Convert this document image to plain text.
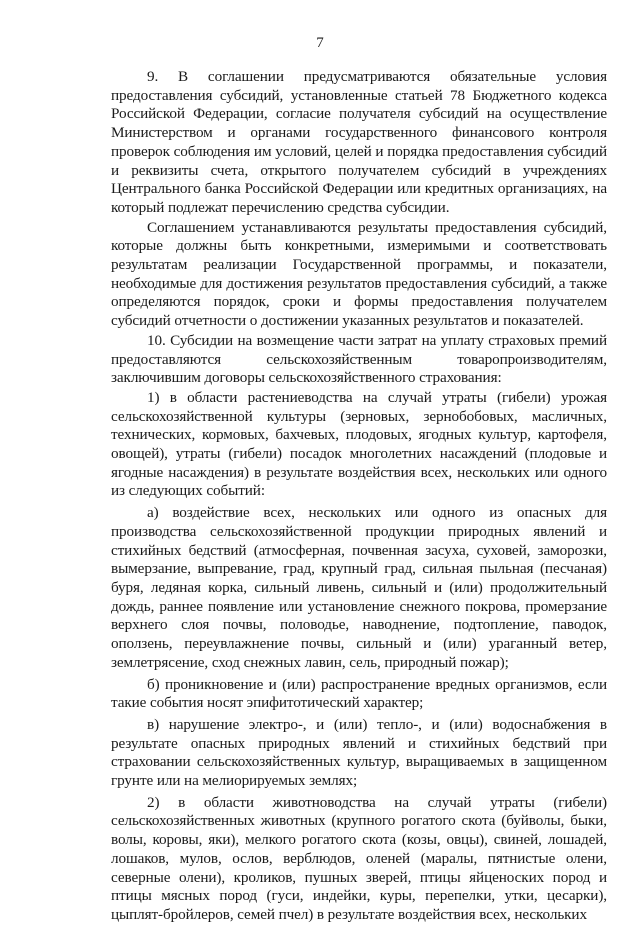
7

9. В соглашении предусматриваются обязательные условия предоставления субсидий, установленные статьей 78 Бюджетного кодекса Российской Федерации, согласие получателя субсидий на осуществление Министерством и органами государственного финансового контроля проверок соблюдения им условий, целей и порядка предоставления субсидий и реквизиты счета, открытого получателем субсидий в учреждениях Центрального банка Российской Федерации или кредитных организациях, на который подлежат перечислению средства субсидии.

Соглашением устанавливаются результаты предоставления субсидий, которые должны быть конкретными, измеримыми и соответствовать результатам реализации Государственной программы, и показатели, необходимые для достижения результатов предоставления субсидий, а также определяются порядок, сроки и формы предоставления получателем субсидий отчетности о достижении указанных результатов и показателей.

10. Субсидии на возмещение части затрат на уплату страховых премий предоставляются сельскохозяйственным товаропроизводителям, заключившим договоры сельскохозяйственного страхования:

1) в области растениеводства на случай утраты (гибели) урожая сельскохозяйственной культуры (зерновых, зернобобовых, масличных, технических, кормовых, бахчевых, плодовых, ягодных культур, картофеля, овощей), утраты (гибели) посадок многолетних насаждений (плодовые и ягодные насаждения) в результате воздействия всех, нескольких или одного из следующих событий:

а) воздействие всех, нескольких или одного из опасных для производства сельскохозяйственной продукции природных явлений и стихийных бедствий (атмосферная, почвенная засуха, суховей, заморозки, вымерзание, выпревание, град, крупный град, сильная пыльная (песчаная) буря, ледяная корка, сильный ливень, сильный и (или) продолжительный дождь, раннее появление или установление снежного покрова, промерзание верхнего слоя почвы, половодье, наводнение, подтопление, паводок, оползень, переувлажнение почвы, сильный и (или) ураганный ветер, землетрясение, сход снежных лавин, сель, природный пожар);

б) проникновение и (или) распространение вредных организмов, если такие события носят эпифитотический характер;

в) нарушение электро-, и (или) тепло-, и (или) водоснабжения в результате опасных природных явлений и стихийных бедствий при страховании сельскохозяйственных культур, выращиваемых в защищенном грунте или на мелиорируемых землях;

2) в области животноводства на случай утраты (гибели) сельскохозяйственных животных (крупного рогатого скота (буйволы, быки, волы, коровы, яки), мелкого рогатого скота (козы, овцы), свиней, лошадей, лошаков, мулов, ослов, верблюдов, оленей (маралы, пятнистые олени, северные олени), кроликов, пушных зверей, птицы яйценоских пород и птицы мясных пород (гуси, индейки, куры, перепелки, утки, цесарки), цыплят-бройлеров, семей пчел) в результате воздействия всех, нескольких
